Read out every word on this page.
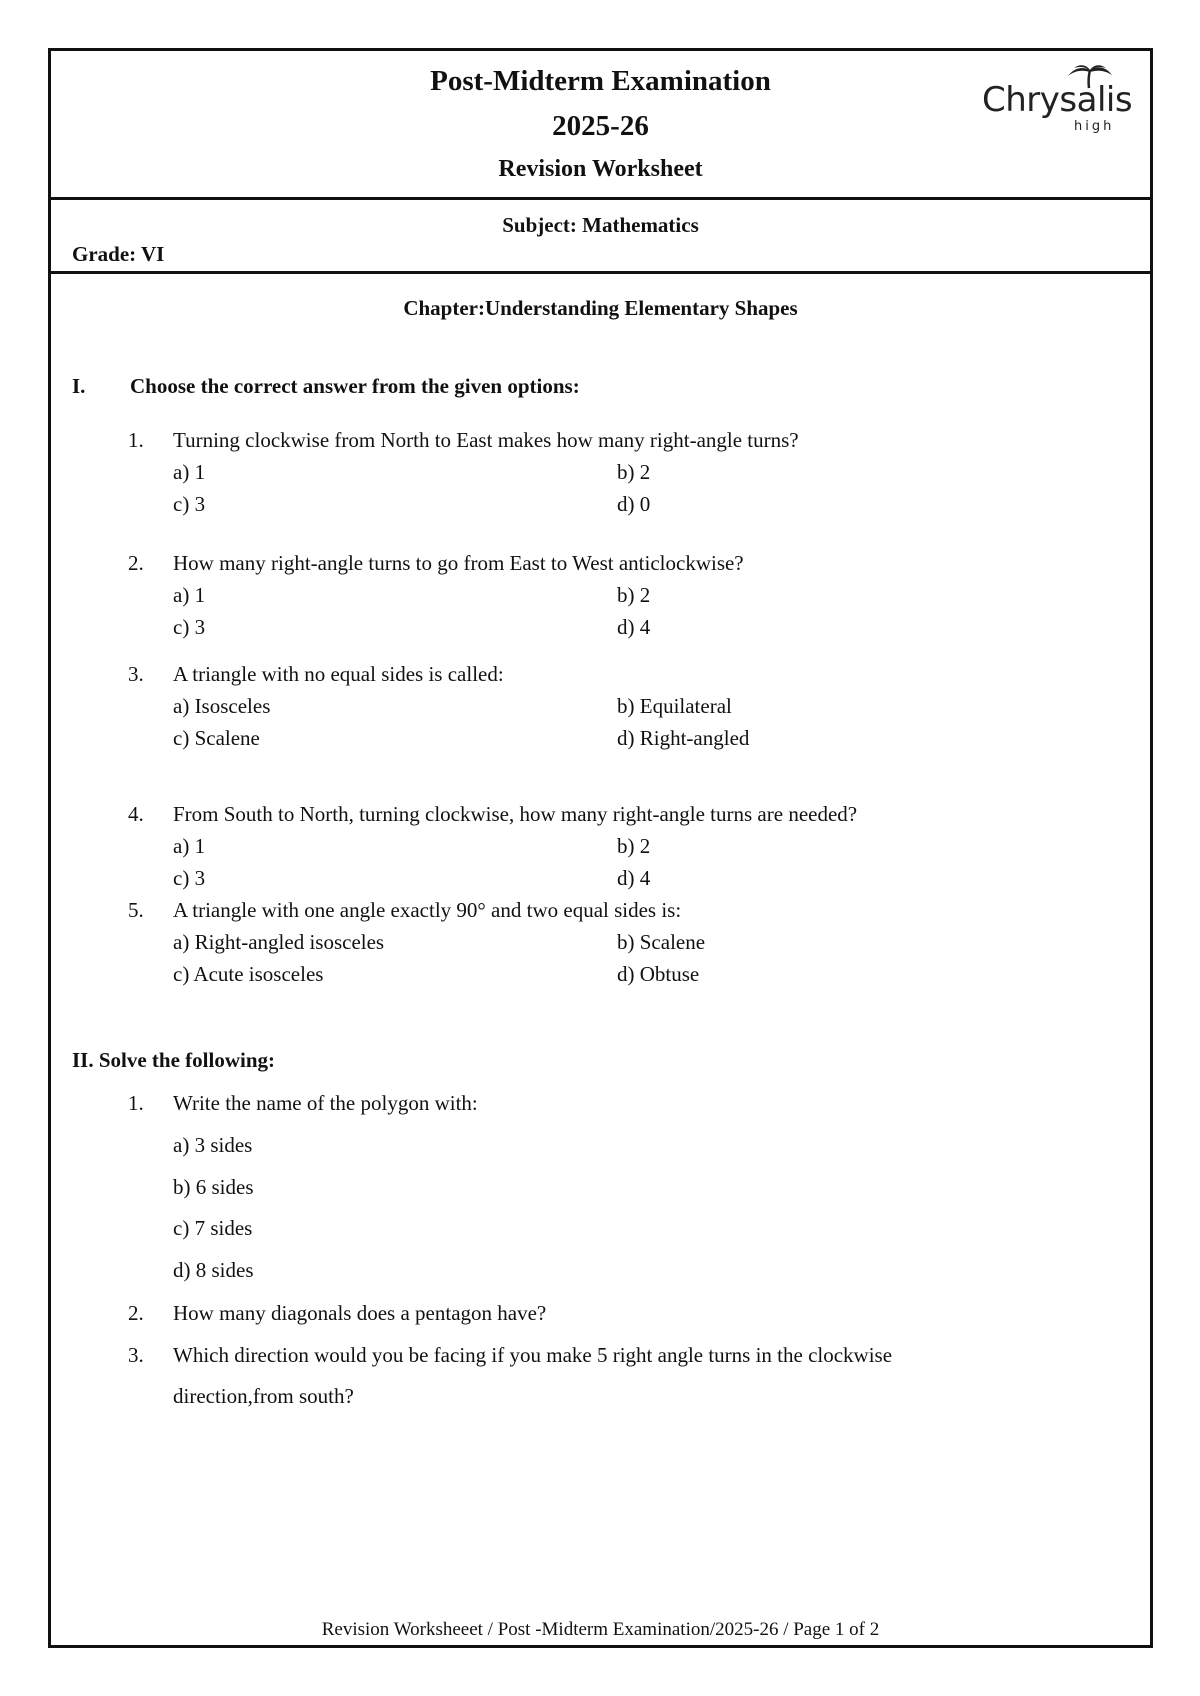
Post-Midterm Examination
2025-26
Revision Worksheet
Chrysalis
high
Subject: Mathematics
Grade: VI
Chapter:Understanding Elementary Shapes
I. Choose the correct answer from the given options:
1. Turning clockwise from North to East makes how many right-angle turns?
a) 1	b) 2
c) 3	d) 0
2. How many right-angle turns to go from East to West anticlockwise?
a) 1	b) 2
c) 3	d) 4
3. A triangle with no equal sides is called:
a) Isosceles	b) Equilateral
c) Scalene	d) Right-angled
4. From South to North, turning clockwise, how many right-angle turns are needed?
a) 1	b) 2
c) 3	d) 4
5. A triangle with one angle exactly 90° and two equal sides is:
a) Right-angled isosceles	b) Scalene
c) Acute isosceles	d) Obtuse
II. Solve the following:
1. Write the name of the polygon with:
a) 3 sides
b) 6 sides
c) 7 sides
d) 8 sides
2. How many diagonals does a pentagon have?
3. Which direction would you be facing if you make 5 right angle turns in the clockwise
direction,from south?
Revision Worksheeet / Post -Midterm Examination/2025-26 / Page 1 of 2
